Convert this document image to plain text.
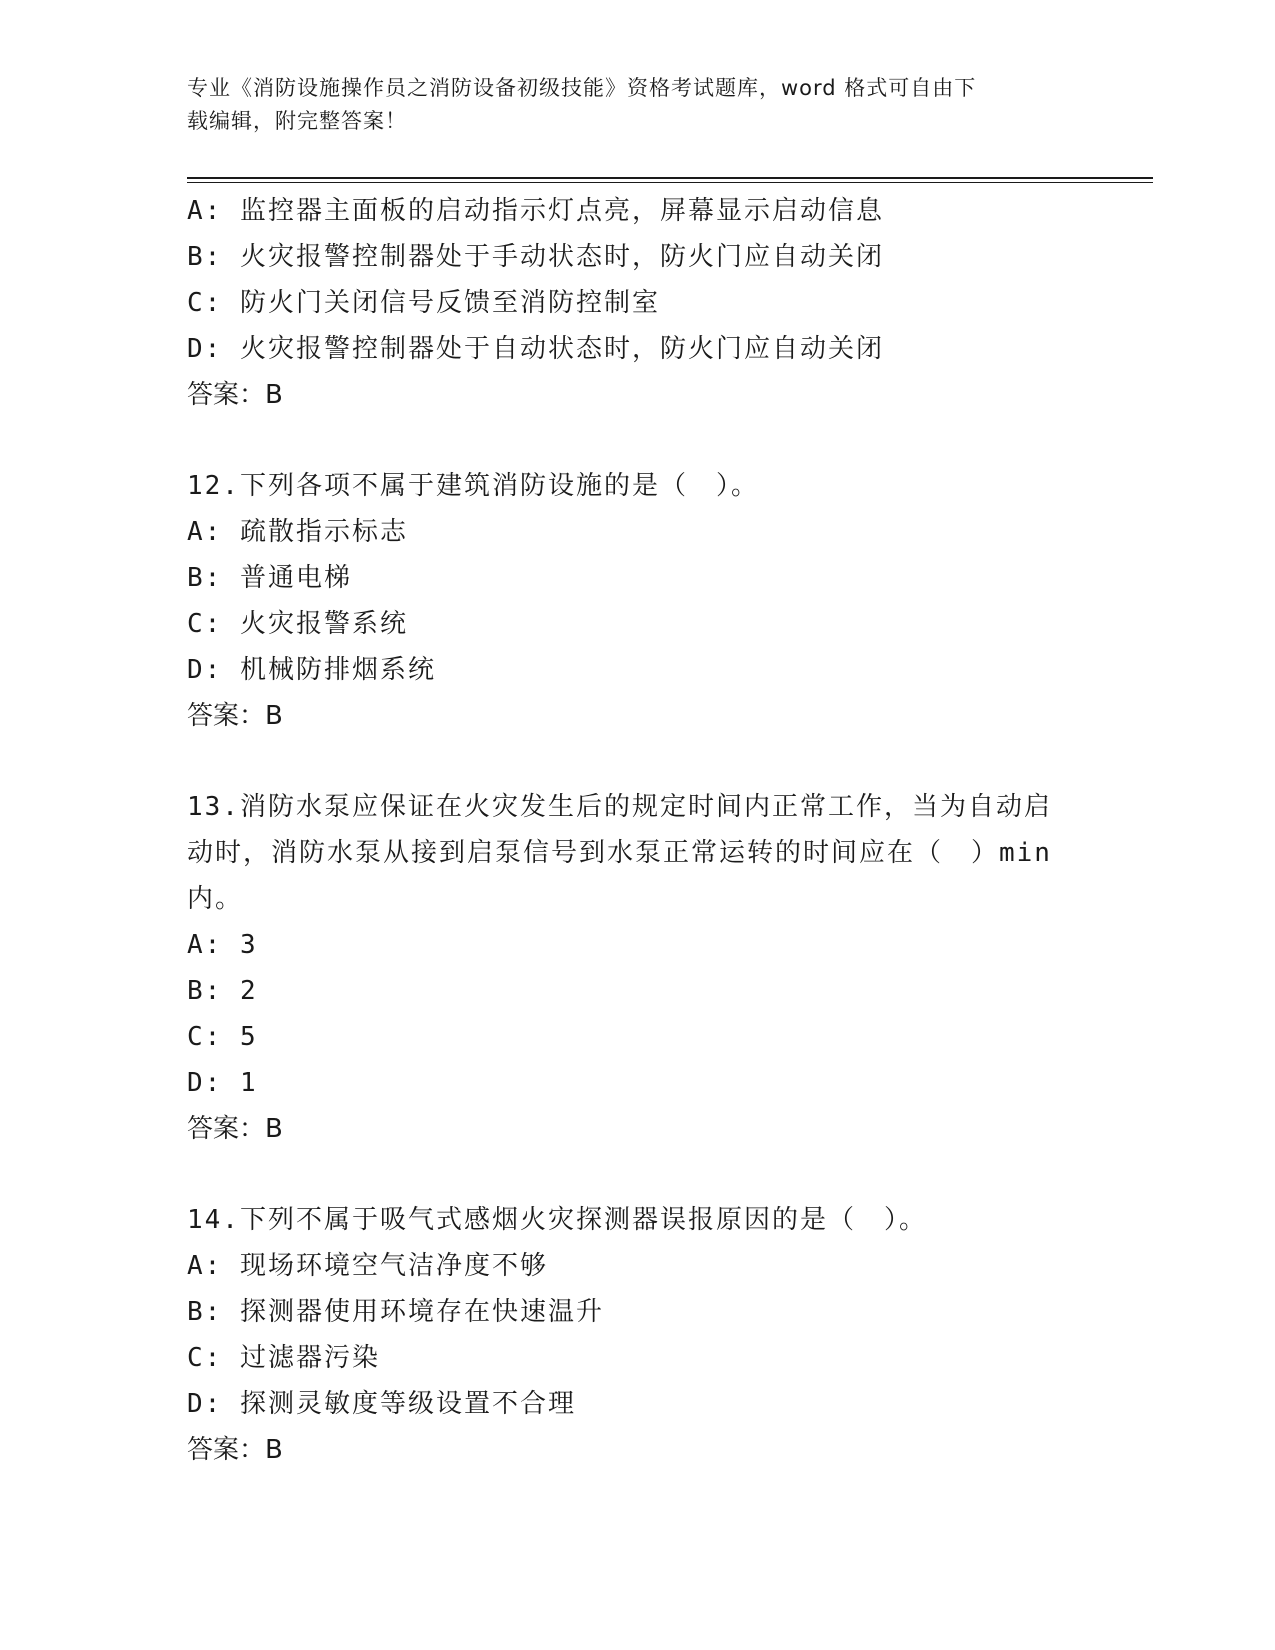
专业《消防设施操作员之消防设备初级技能》资格考试题库，word 格式可自由下
载编辑，附完整答案！
A: 监控器主面板的启动指示灯点亮，屏幕显示启动信息
B: 火灾报警控制器处于手动状态时，防火门应自动关闭
C: 防火门关闭信号反馈至消防控制室
D: 火灾报警控制器处于自动状态时，防火门应自动关闭
答案：B
12.下列各项不属于建筑消防设施的是（　）。
A: 疏散指示标志
B: 普通电梯
C: 火灾报警系统
D: 机械防排烟系统
答案：B
13.消防水泵应保证在火灾发生后的规定时间内正常工作，当为自动启
动时，消防水泵从接到启泵信号到水泵正常运转的时间应在（　）min
内。
A: 3
B: 2
C: 5
D: 1
答案：B
14.下列不属于吸气式感烟火灾探测器误报原因的是（　）。
A: 现场环境空气洁净度不够
B: 探测器使用环境存在快速温升
C: 过滤器污染
D: 探测灵敏度等级设置不合理
答案：B
